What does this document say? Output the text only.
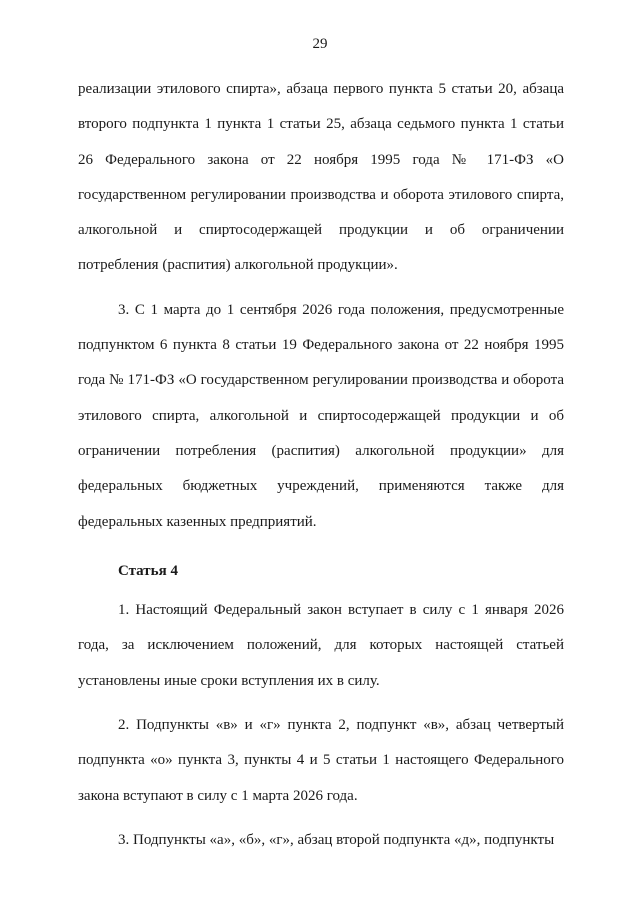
29

реализации этилового спирта», абзаца первого пункта 5 статьи 20, абзаца второго подпункта 1 пункта 1 статьи 25, абзаца седьмого пункта 1 статьи 26 Федерального закона от 22 ноября 1995 года № 171-ФЗ «О государственном регулировании производства и оборота этилового спирта, алкогольной и спиртосодержащей продукции и об ограничении потребления (распития) алкогольной продукции».

3. С 1 марта до 1 сентября 2026 года положения, предусмотренные подпунктом 6 пункта 8 статьи 19 Федерального закона от 22 ноября 1995 года № 171-ФЗ «О государственном регулировании производства и оборота этилового спирта, алкогольной и спиртосодержащей продукции и об ограничении потребления (распития) алкогольной продукции» для федеральных бюджетных учреждений, применяются также для федеральных казенных предприятий.

Статья 4

1. Настоящий Федеральный закон вступает в силу с 1 января 2026 года, за исключением положений, для которых настоящей статьей установлены иные сроки вступления их в силу.

2. Подпункты «в» и «г» пункта 2, подпункт «в», абзац четвертый подпункта «о» пункта 3, пункты 4 и 5 статьи 1 настоящего Федерального закона вступают в силу с 1 марта 2026 года.

3. Подпункты «а», «б», «г», абзац второй подпункта «д», подпункты
